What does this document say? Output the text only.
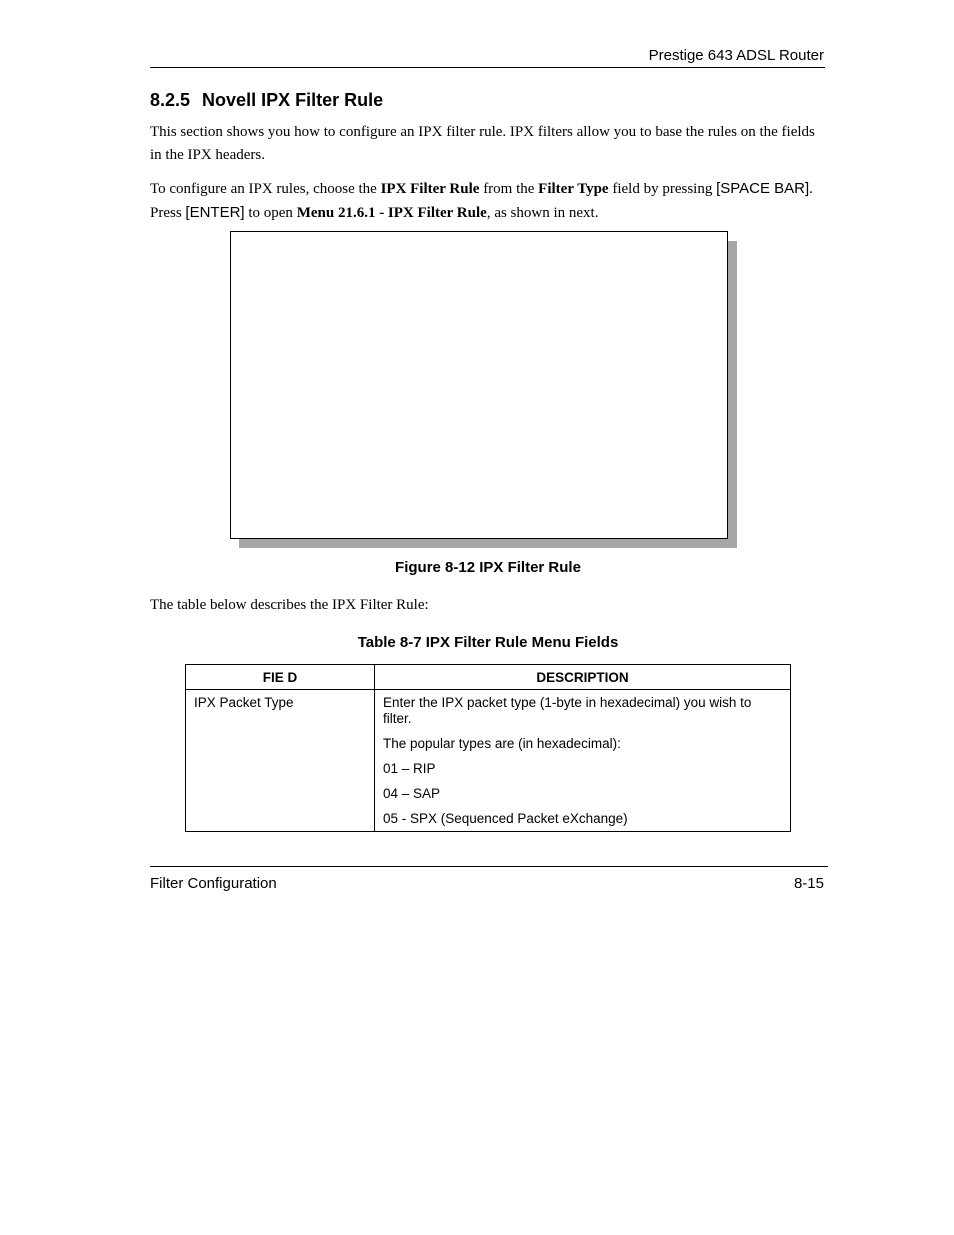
Prestige 643 ADSL Router
8.2.5 Novell IPX Filter Rule
This section shows you how to configure an IPX filter rule. IPX filters allow you to base the rules on the fields in the IPX headers.
To configure an IPX rules, choose the IPX Filter Rule from the Filter Type field by pressing [SPACE BAR]. Press [ENTER] to open Menu 21.6.1 - IPX Filter Rule, as shown in next.
Figure 8-12 IPX Filter Rule
The table below describes the IPX Filter Rule:
Table 8-7 IPX Filter Rule Menu Fields
FIE D	DESCRIPTION
IPX Packet Type	Enter the IPX packet type (1-byte in hexadecimal) you wish to filter.
The popular types are (in hexadecimal):
01 – RIP
04 – SAP
05 - SPX (Sequenced Packet eXchange)
Filter Configuration	8-15
